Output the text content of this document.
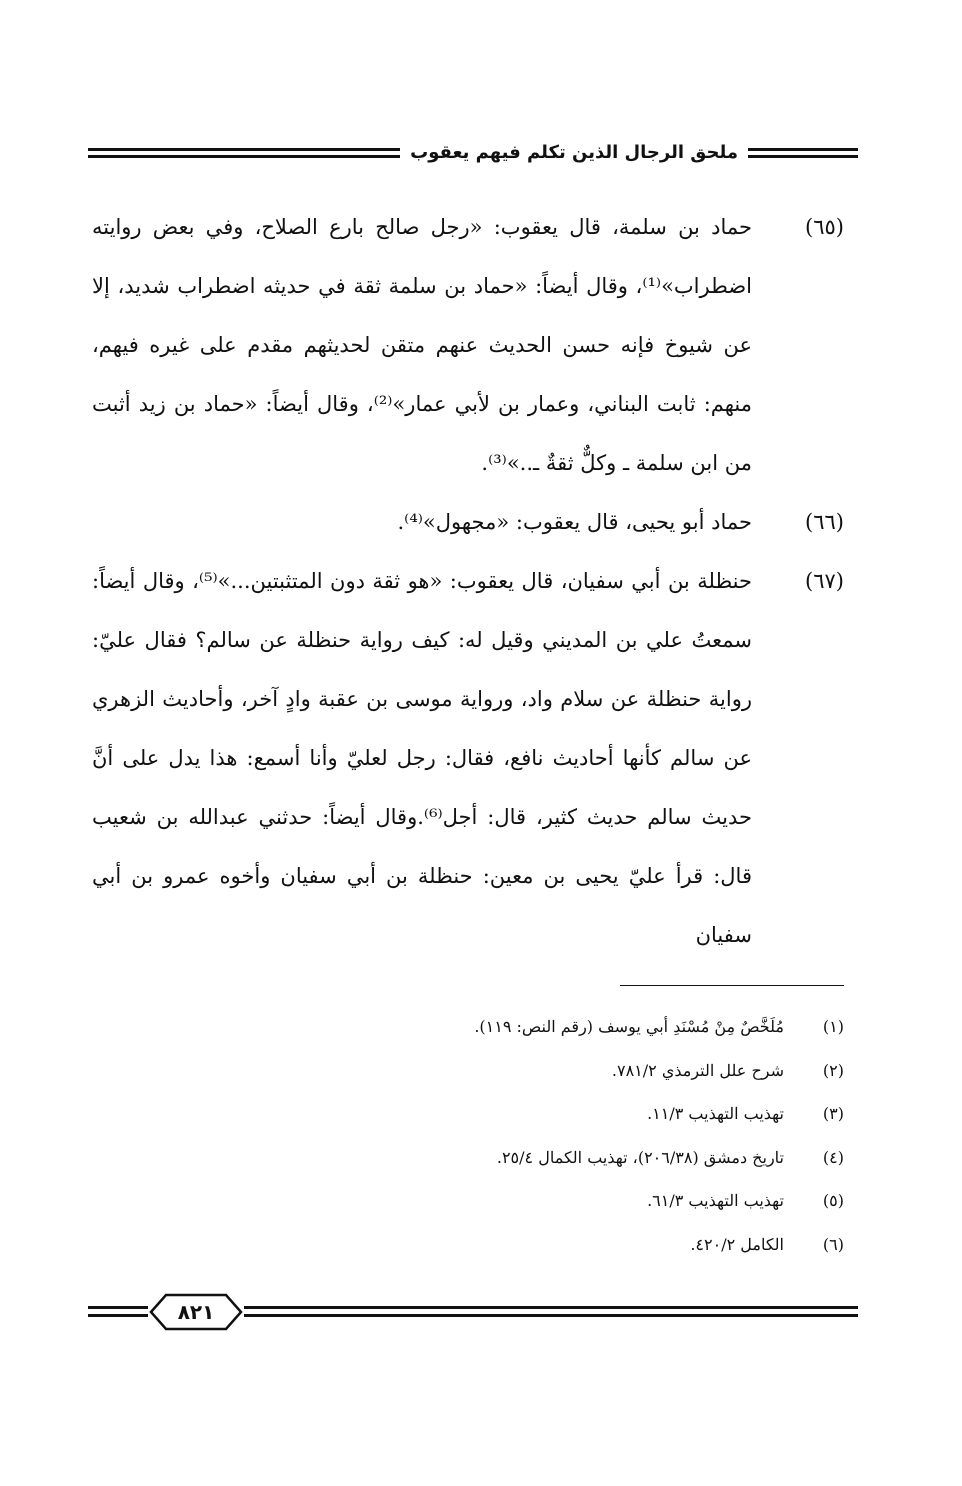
ملحق الرجال الذين تكلم فيهم يعقوب
(٦٥)
حماد بن سلمة، قال يعقوب: «رجل صالح بارع الصلاح، وفي بعض روايته اضطراب»⁽¹⁾، وقال أيضاً: «حماد بن سلمة ثقة في حديثه اضطراب شديد، إلا عن شيوخ فإنه حسن الحديث عنهم متقن لحديثهم مقدم على غيره فيهم، منهم: ثابت البناني، وعمار بن لأبي عمار»⁽²⁾، وقال أيضاً: «حماد بن زيد أثبت من ابن سلمة ـ وكلٌّ ثقةٌ ـ..»⁽³⁾.
(٦٦)
حماد أبو يحيى، قال يعقوب: «مجهول»⁽⁴⁾.
(٦٧)
حنظلة بن أبي سفيان، قال يعقوب: «هو ثقة دون المتثبتين...»⁽⁵⁾، وقال أيضاً: سمعتُ علي بن المديني وقيل له: كيف رواية حنظلة عن سالم؟ فقال عليّ: رواية حنظلة عن سلام واد، ورواية موسى بن عقبة وادٍ آخر، وأحاديث الزهري عن سالم كأنها أحاديث نافع، فقال: رجل لعليّ وأنا أسمع: هذا يدل على أنَّ حديث سالم حديث كثير، قال: أجل⁽⁶⁾.وقال أيضاً: حدثني عبدالله بن شعيب قال: قرأ عليّ يحيى بن معين: حنظلة بن أبي سفيان وأخوه عمرو بن أبي سفيان
(١)
مُلَخَّصٌ مِنْ مُسْنَدِ أبي يوسف (رقم النص: ١١٩).
(٢)
شرح علل الترمذي ٧٨١/٢.
(٣)
تهذيب التهذيب ١١/٣.
(٤)
تاريخ دمشق (٢٠٦/٣٨)، تهذيب الكمال ٢٥/٤.
(٥)
تهذيب التهذيب ٦١/٣.
(٦)
الكامل ٤٢٠/٢.
٨٢١
